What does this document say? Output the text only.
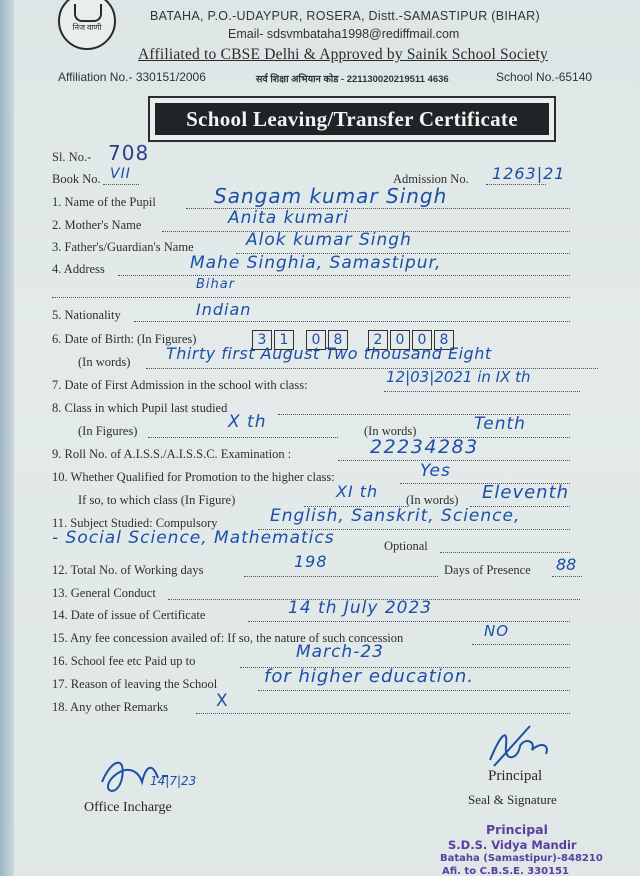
निज वाणी
BATAHA, P.O.-UDAYPUR, ROSERA, Distt.-SAMASTIPUR (BIHAR)
Email- sdsvmbataha1998@rediffmail.com
Affiliated to CBSE Delhi & Approved by Sainik School Society
Affiliation No.- 330151/2006	सर्व शिक्षा अभियान कोड - 221130020219511 4636	School No.-65140
School Leaving/Transfer Certificate
Sl. No.- 708
Book No. VII	Admission No. 1263|21
1. Name of the Pupil	Sangam kumar Singh
2. Mother's Name	Anita kumari
3. Father's/Guardian's Name	Alok kumar Singh
4. Address	Mahe Singhia, Samastipur,
Bihar
5. Nationality	Indian
6. Date of Birth: (In Figures)	3 1	0 8	2 0 0 8
(In words) Thirty first August Two thousand Eight
7. Date of First Admission in the school with class:	12|03|2021 in IX th
8. Class in which Pupil last studied
(In Figures)	X th	(In words)	Tenth
9. Roll No. of A.I.S.S./A.I.S.S.C. Examination :	22234283
10. Whether Qualified for Promotion to the higher class:	Yes
If so, to which class (In Figure)	XI th (In words) Eleventh
11. Subject Studied: Compulsory	English, Sanskrit, Science,
- Social Science, Mathematics	Optional
12. Total No. of Working days	198	Days of Presence 88
13. General Conduct
14. Date of issue of Certificate	14 th July 2023
15. Any fee concession availed of: If so, the nature of such concession	NO
16. School fee etc Paid up to	March-23
17. Reason of leaving the School	for higher education.
18. Any other Remarks	X
14|7|23
Office Incharge
Principal
Seal & Signature
Principal
S.D.S. Vidya Mandir
Bataha (Samastipur)-848210
Afi. to C.B.S.E. 330151
